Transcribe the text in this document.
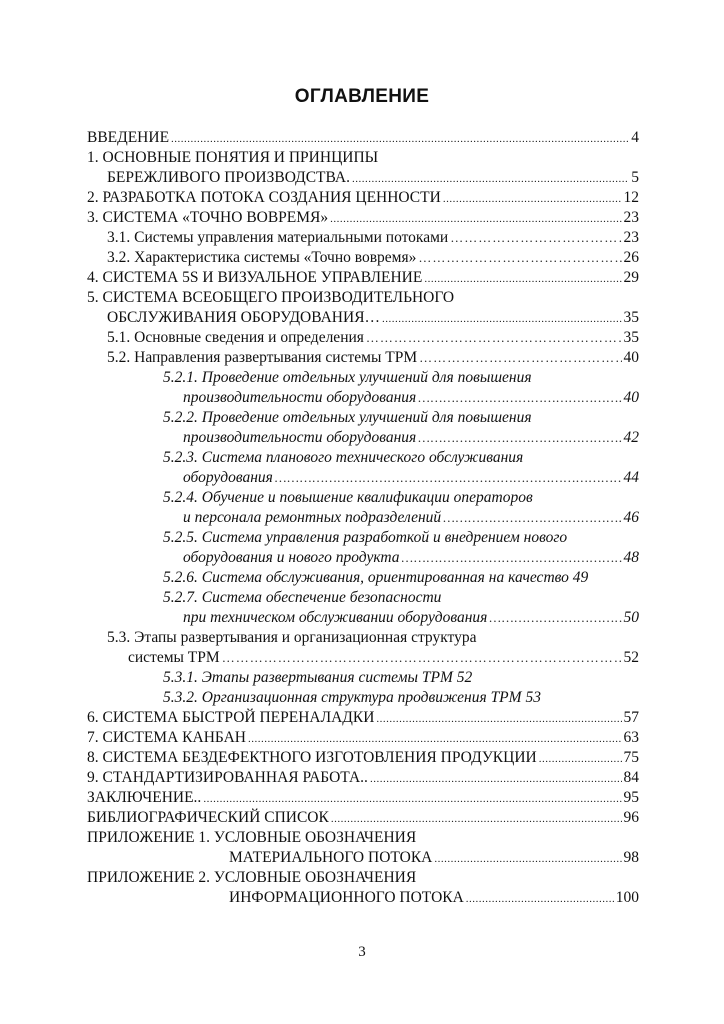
ОГЛАВЛЕНИЕ
ВВЕДЕНИЕ .....	4
1. ОСНОВНЫЕ ПОНЯТИЯ И ПРИНЦИПЫ
БЕРЕЖЛИВОГО ПРОИЗВОДСТВА. .....	5
2. РАЗРАБОТКА ПОТОКА СОЗДАНИЯ ЦЕННОСТИ .....	12
3. СИСТЕМА «ТОЧНО ВОВРЕМЯ» .....	23
3.1. Системы управления материальными потоками …………………………………………………………………………………………………	23
3.2. Характеристика системы «Точно вовремя» …………………………………………………………………………………………………	26
4. СИСТЕМА 5S И ВИЗУАЛЬНОЕ УПРАВЛЕНИЕ .....	29
5. СИСТЕМА ВСЕОБЩЕГО ПРОИЗВОДИТЕЛЬНОГО
ОБСЛУЖИВАНИЯ ОБОРУДОВАНИЯ… .....	35
5.1. Основные сведения и определения …………………………………………………………………………………………………	35
5.2. Направления развертывания системы TPM …………………………………………………………………………………………………	40
5.2.1. Проведение отдельных улучшений для повышения
производительности оборудования …………………………………………………………………………………………………	40
5.2.2. Проведение отдельных улучшений для повышения
производительности оборудования …………………………………………………………………………………………………	42
5.2.3. Система планового технического обслуживания
оборудования …………………………………………………………………………………………………	44
5.2.4. Обучение и повышение квалификации операторов
и персонала ремонтных подразделений …………………………………………………………………………………………………	46
5.2.5. Система управления разработкой и внедрением нового
оборудования и нового продукта …………………………………………………………………………………………………	48
5.2.6. Система обслуживания, ориентированная на качество 49
5.2.7. Система обеспечение безопасности
при техническом обслуживании оборудования …………………………………………………………………………………………………	50
5.3. Этапы развертывания и организационная структура
системы TPM …………………………………………………………………………………………………	52
5.3.1. Этапы развертывания системы TPM 52
5.3.2. Организационная структура продвижения TPM 53
6. СИСТЕМА БЫСТРОЙ ПЕРЕНАЛАДКИ .....	57
7. СИСТЕМА КАНБАН .....	63
8. СИСТЕМА БЕЗДЕФЕКТНОГО ИЗГОТОВЛЕНИЯ ПРОДУКЦИИ .....	75
9. СТАНДАРТИЗИРОВАННАЯ РАБОТА.. .....	84
ЗАКЛЮЧЕНИЕ.. .....	95
БИБЛИОГРАФИЧЕСКИЙ СПИСОК .....	96
ПРИЛОЖЕНИЕ 1. УСЛОВНЫЕ ОБОЗНАЧЕНИЯ
МАТЕРИАЛЬНОГО ПОТОКА .....	98
ПРИЛОЖЕНИЕ 2. УСЛОВНЫЕ ОБОЗНАЧЕНИЯ
ИНФОРМАЦИОННОГО ПОТОКА .....	100
3
